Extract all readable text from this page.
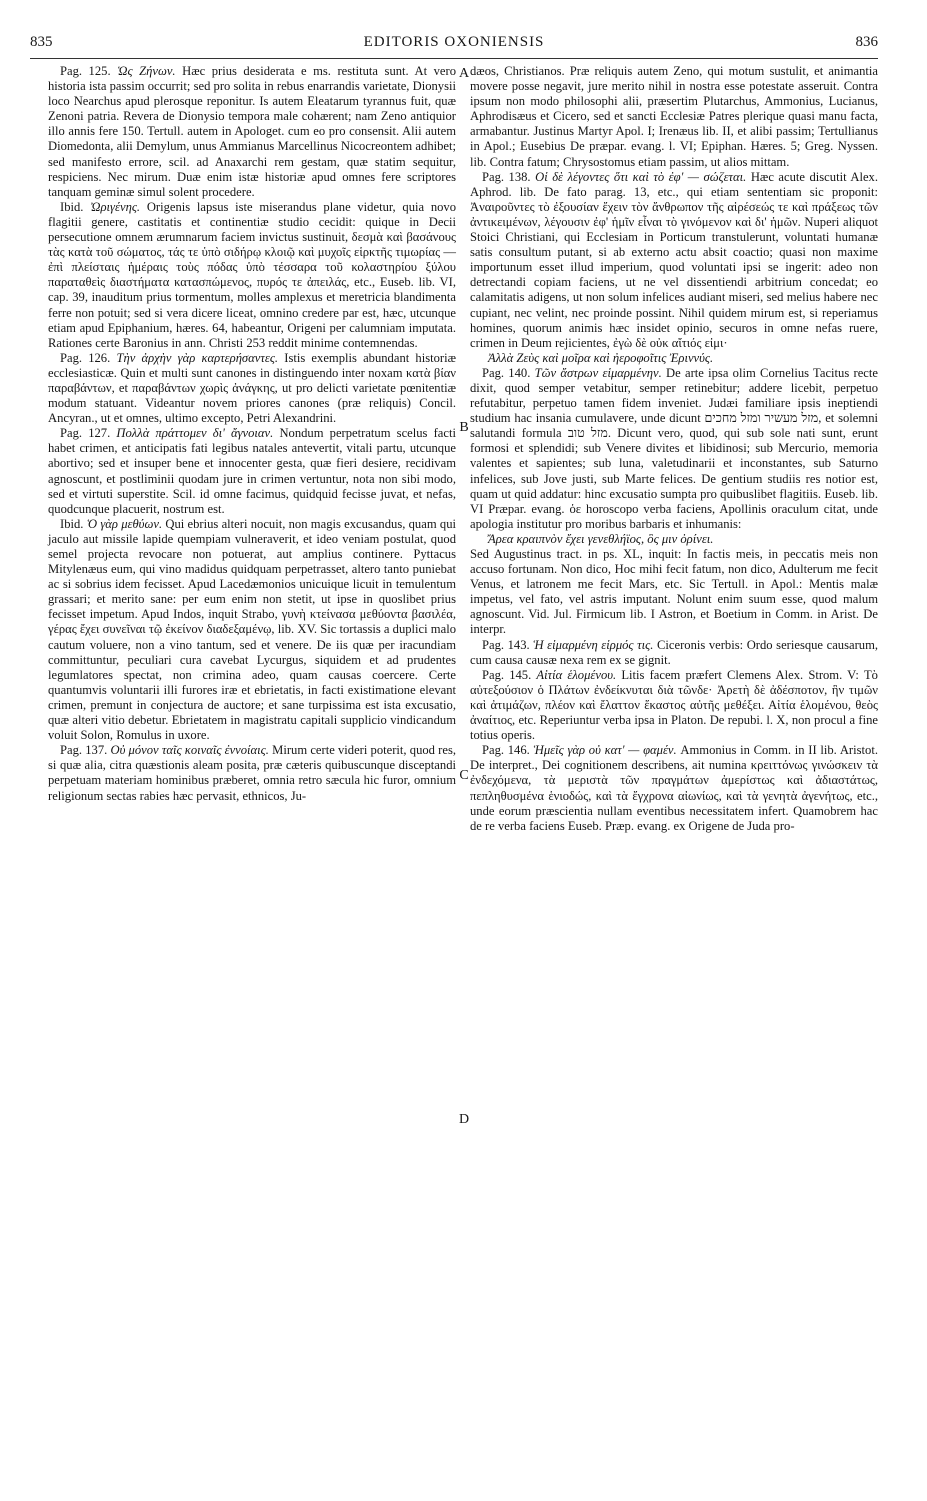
835	EDITORIS OXONIENSIS	836
A
B
C
D

Pag. 125. Ὡς Ζήνων. Hæc prius desiderata e ms. restituta sunt. At vero historia ista passim occurrit; sed pro solita in rebus enarrandis varietate, Dionysii loco Nearchus apud plerosque reponitur. Is autem Eleatarum tyrannus fuit, quæ Zenoni patria. Revera de Dionysio tempora male cohærent; nam Zeno antiquior illo annis fere 150. Tertull. autem in Apologet. cum eo pro consensit. Alii autem Diomedonta, alii Demylum, unus Ammianus Marcellinus Nicocreontem adhibet; sed manifesto errore, scil. ad Anaxarchi rem gestam, quæ statim sequitur, respiciens. Nec mirum. Duæ enim istæ historiæ apud omnes fere scriptores tanquam geminæ simul solent procedere.

Ibid. Ὠριγένης. Origenis lapsus iste miserandus plane videtur, quia novo flagitii genere, castitatis et continentiæ studio cecidit: quique in Decii persecutione omnem ærumnarum faciem invictus sustinuit, δεσμὰ καὶ βασάνους τὰς κατὰ τοῦ σώματος, τάς τε ὑπὸ σιδήρῳ κλοιῷ καὶ μυχοῖς εἱρκτῆς τιμωρίας — ἐπὶ πλείσταις ἡμέραις τοὺς πόδας ὑπὸ τέσσαρα τοῦ κολαστηρίου ξύλου παραταθεὶς διαστήματα κατασπώμενος, πυρός τε ἀπειλάς, etc., Euseb. lib. VI, cap. 39, inauditum prius tormentum, molles amplexus et meretricia blandimenta ferre non potuit; sed si vera dicere liceat, omnino credere par est, hæc, utcunque etiam apud Epiphanium, hæres. 64, habeantur, Origeni per calumniam imputata. Rationes certe Baronius in ann. Christi 253 reddit minime contemnendas.

Pag. 126. Τὴν ἀρχὴν γὰρ καρτερήσαντες. Istis exemplis abundant historiæ ecclesiasticæ. Quin et multi sunt canones in distinguendo inter noxam κατὰ βίαν παραβάντων, et παραβάντων χωρὶς ἀνάγκης, ut pro delicti varietate pœnitentiæ modum statuant. Videantur novem priores canones (præ reliquis) Concil. Ancyran., ut et omnes, ultimo excepto, Petri Alexandrini.

Pag. 127. Πολλὰ πράττομεν δι' ἄγνοιαν. Nondum perpetratum scelus facti habet crimen, et anticipatis fati legibus natales antevertit, vitali partu, utcunque abortivo; sed et insuper bene et innocenter gesta, quæ fieri desiere, recidivam agnoscunt, et postliminii quodam jure in crimen vertuntur, nota non sibi modo, sed et virtuti superstite. Scil. id omne facimus, quidquid fecisse juvat, et nefas, quodcunque placuerit, nostrum est.

Ibid. Ὁ γὰρ μεθύων. Qui ebrius alteri nocuit, non magis excusandus, quam qui jaculo aut missile lapide quempiam vulneraverit, et ideo veniam postulat, quod semel projecta revocare non potuerat, aut amplius continere. Pyttacus Mitylenæus eum, qui vino madidus quidquam perpetrasset, altero tanto puniebat ac si sobrius idem fecisset. Apud Lacedæmonios unicuique licuit in temulentum grassari; et merito sane: per eum enim non stetit, ut ipse in quoslibet prius fecisset impetum. Apud Indos, inquit Strabo, γυνὴ κτείνασα μεθύοντα βασιλέα, γέρας ἔχει συνεῖναι τῷ ἐκείνον διαδεξαμένῳ, lib. XV. Sic tortassis a duplici malo cautum voluere, non a vino tantum, sed et venere. De iis quæ per iracundiam committuntur, peculiari cura cavebat Lycurgus, siquidem et ad prudentes legumlatores spectat, non crimina adeo, quam causas coercere. Certe quantumvis voluntarii illi furores iræ et ebrietatis, in facti existimatione elevant crimen, premunt in conjectura de auctore; et sane turpissima est ista excusatio, quæ alteri vitio debetur. Ebrietatem in magistratu capitali supplicio vindicandum voluit Solon, Romulus in uxore.

Pag. 137. Οὐ μόνον ταῖς κοιναῖς ἐννοίαις. Mirum certe videri poterit, quod res, si quæ alia, citra quæstionis aleam posita, præ cæteris quibuscunque disceptandi perpetuam materiam hominibus præberet, omnia retro sæcula hic furor, omnium religionum sectas rabies hæc pervasit, ethnicos, Ju-

dæos, Christianos. Præ reliquis autem Zeno, qui motum sustulit, et animantia movere posse negavit, jure merito nihil in nostra esse potestate asseruit. Contra ipsum non modo philosophi alii, præsertim Plutarchus, Ammonius, Lucianus, Aphrodisæus et Cicero, sed et sancti Ecclesiæ Patres plerique quasi manu facta, armabantur. Justinus Martyr Apol. I; Irenæus lib. II, et alibi passim; Tertullianus in Apol.; Eusebius De præpar. evang. l. VI; Epiphan. Hæres. 5; Greg. Nyssen. lib. Contra fatum; Chrysostomus etiam passim, ut alios mittam.

Pag. 138. Οἱ δὲ λέγοντες ὅτι καὶ τὸ ἐφ' — σώζεται. Hæc acute discutit Alex. Aphrod. lib. De fato parag. 13, etc., qui etiam sententiam sic proponit: Ἀναιροῦντες τὸ ἐξουσίαν ἔχειν τὸν ἄνθρωπον τῆς αἱρέσεώς τε καὶ πράξεως τῶν ἀντικειμένων, λέγουσιν ἐφ' ἡμῖν εἶναι τὸ γινόμενον καὶ δι' ἡμῶν. Nuperi aliquot Stoici Christiani, qui Ecclesiam in Porticum transtulerunt, voluntati humanæ satis consultum putant, si ab externo actu absit coactio; quasi non maxime importunum esset illud imperium, quod voluntati ipsi se ingerit: adeo non detrectandi copiam faciens, ut ne vel dissentiendi arbitrium concedat; eo calamitatis adigens, ut non solum infelices audiant miseri, sed melius habere nec cupiant, nec velint, nec proinde possint. Nihil quidem mirum est, si reperiamus homines, quorum animis hæc insidet opinio, securos in omne nefas ruere, crimen in Deum rejicientes, ἐγὼ δὲ οὐκ αἴτιός εἰμι·

Ἀλλὰ Ζεὺς καὶ μοῖρα καὶ ἠεροφοῖτις Ἐριννύς.

Pag. 140. Τῶν ἄστρων εἱμαρμένην. De arte ipsa olim Cornelius Tacitus recte dixit, quod semper vetabitur, semper retinebitur; addere licebit, perpetuo refutabitur, perpetuo tamen fidem inveniet. Judæi familiare ipsis ineptiendi studium hac insania cumulavere, unde dicunt מזל מעשיר ומזל מחכים, et solemni salutandi formula מזל טוב. Dicunt vero, quod, qui sub sole nati sunt, erunt formosi et splendidi; sub Venere divites et libidinosi; sub Mercurio, memoria valentes et sapientes; sub luna, valetudinarii et inconstantes, sub Saturno infelices, sub Jove justi, sub Marte felices. De gentium studiis res notior est, quam ut quid addatur: hinc excusatio sumpta pro quibuslibet flagitiis. Euseb. lib. VI Præpar. evang. ὁε horoscopo verba faciens, Apollinis oraculum citat, unde apologia institutur pro moribus barbaris et inhumanis:

Ἄρεα κραιπνὸν ἔχει γενεθλήϊος, ὃς μιν ὀρίνει.

Sed Augustinus tract. in ps. XL, inquit: In factis meis, in peccatis meis non accuso fortunam. Non dico, Hoc mihi fecit fatum, non dico, Adulterum me fecit Venus, et latronem me fecit Mars, etc. Sic Tertull. in Apol.: Mentis malæ impetus, vel fato, vel astris imputant. Nolunt enim suum esse, quod malum agnoscunt. Vid. Jul. Firmicum lib. I Astron, et Boetium in Comm. in Arist. De interpr.

Pag. 143. Ἡ εἱμαρμένη εἱρμός τις. Ciceronis verbis: Ordo seriesque causarum, cum causa causæ nexa rem ex se gignit.

Pag. 145. Αἰτία ἑλομένου. Litis facem præfert Clemens Alex. Strom. V: Τὸ αὐτεξούσιον ὁ Πλάτων ἐνδείκνυται διὰ τῶνδε· Ἀρετὴ δὲ ἀδέσποτον, ἣν τιμῶν καὶ ἀτιμάζων, πλέον καὶ ἔλαττον ἕκαστος αὐτῆς μεθέξει. Αἰτία ἑλομένου, θεὸς ἀναίτιος, etc. Reperiuntur verba ipsa in Platon. De repubi. l. X, non procul a fine totius operis.

Pag. 146. Ἡμεῖς γὰρ οὐ κατ' — φαμέν. Ammonius in Comm. in II lib. Aristot. De interpret., Dei cognitionem describens, ait numina κρειττόνως γινώσκειν τὰ ἐνδεχόμενα, τὰ μεριστὰ τῶν πραγμάτων ἀμερίστως καὶ ἀδιαστάτως, πεπληθυσμένα ἑνιοδώς, καὶ τὰ ἔγχρονα αἰωνίως, καὶ τὰ γενητὰ ἀγενήτως, etc., unde eorum præscientia nullam eventibus necessitatem infert. Quamobrem hac de re verba faciens Euseb. Præp. evang. ex Origene de Juda pro-
